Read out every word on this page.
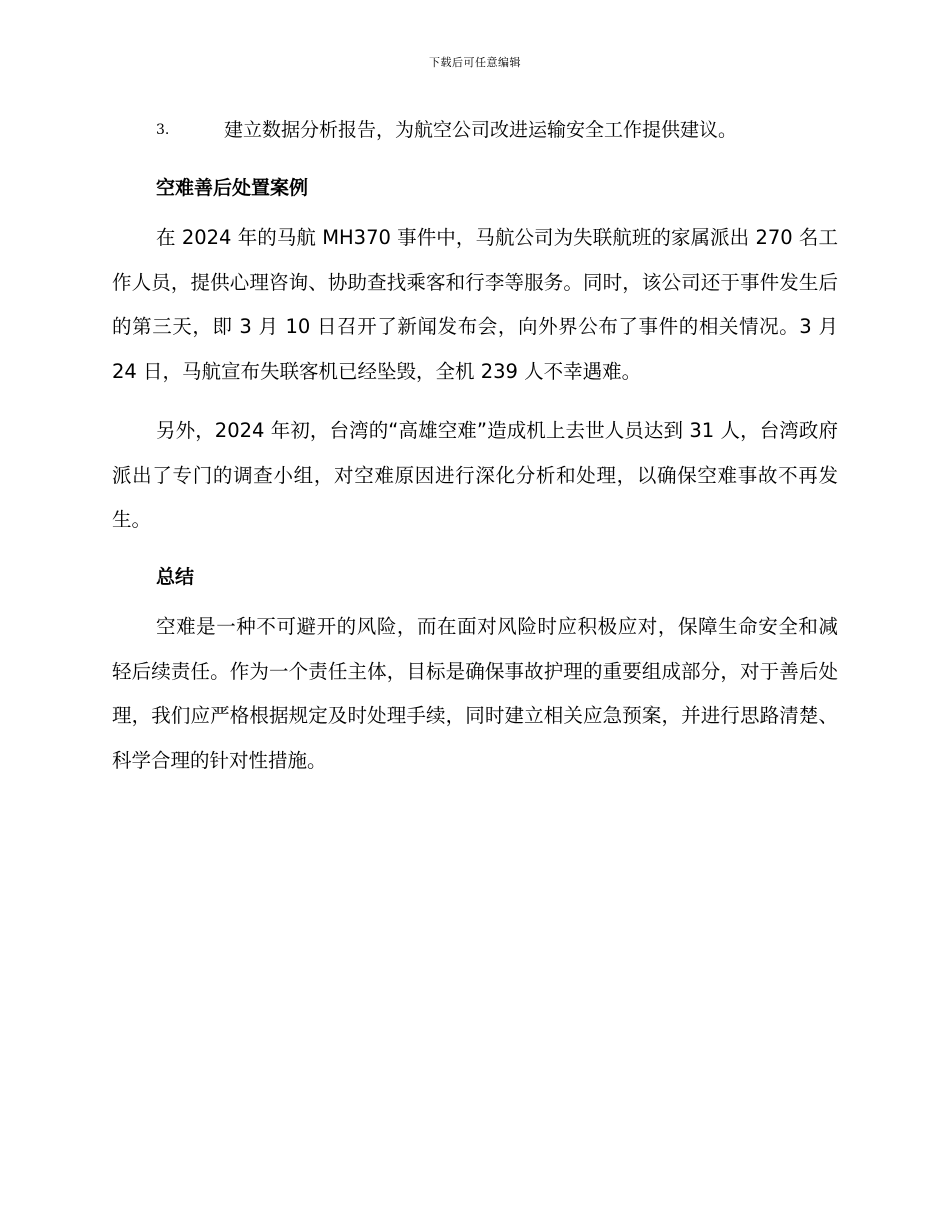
下载后可任意编辑
3.	建立数据分析报告，为航空公司改进运输安全工作提供建议。
空难善后处置案例

在 2024 年的马航 MH370 事件中，马航公司为失联航班的家属派出 270 名工作人员，提供心理咨询、协助查找乘客和行李等服务。同时，该公司还于事件发生后的第三天，即 3 月 10 日召开了新闻发布会，向外界公布了事件的相关情况。3 月 24 日，马航宣布失联客机已经坠毁，全机 239 人不幸遇难。

另外，2024 年初，台湾的“高雄空难”造成机上去世人员达到 31 人，台湾政府派出了专门的调查小组，对空难原因进行深化分析和处理，以确保空难事故不再发生。

总结

空难是一种不可避开的风险，而在面对风险时应积极应对，保障生命安全和减轻后续责任。作为一个责任主体，目标是确保事故护理的重要组成部分，对于善后处理，我们应严格根据规定及时处理手续，同时建立相关应急预案，并进行思路清楚、科学合理的针对性措施。
